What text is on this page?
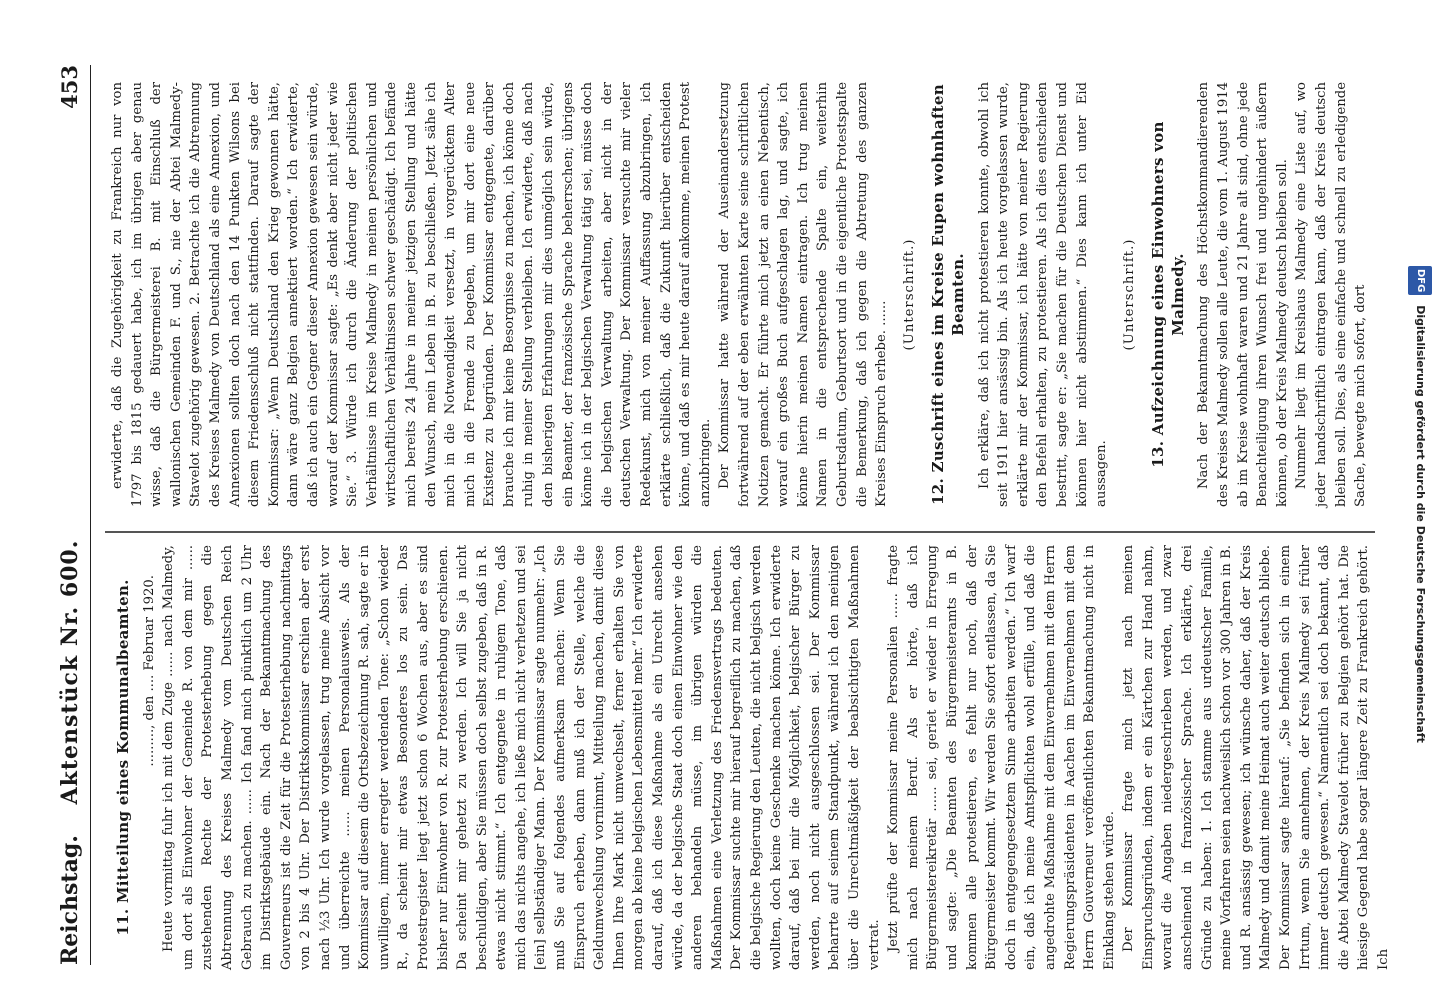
Reichstag.    Aktenstück Nr. 600.
453
11. Mitteilung eines Kommunalbeamten. ........., den .... Februar 1920. Heute vormittag fuhr ich mit dem Zuge ...... nach Malmedy, um dort als Einwohner der Gemeinde R. von dem mir ...... zustehenden Rechte der Protesterhebung gegen die Abtrennung des Kreises Malmedy vom Deutschen Reich Gebrauch zu machen. ...... Ich fand mich pünktlich um 2 Uhr im Distriktsgebäude ein. Nach der Bekanntmachung des Gouverneurs ist die Zeit für die Protesterhebung nachmittags von 2 bis 4 Uhr. Der Distriktskommissar erschien aber erst nach ½3 Uhr. Ich wurde vorgelassen, trug meine Absicht vor und überreichte ...... meinen Personalausweis. Als der Kommissar auf diesem die Ortsbezeichnung R. sah, sagte er in unwilligem, immer erregter werdenden Tone: „Schon wieder R., da scheint mir etwas Besonderes los zu sein. Das Protestregister liegt jetzt schon 6 Wochen aus, aber es sind bisher nur Einwohner von R. zur Protesterhebung erschienen. Da scheint mir gehetzt zu werden. Ich will Sie ja nicht beschuldigen, aber Sie müssen doch selbst zugeben, daß in R. etwas nicht stimmt.“ Ich entgegnete in ruhigem Tone, daß mich das nichts angehe, ich ließe mich nicht verhetzen und sei [ein] selbständiger Mann. Der Kommissar sagte nunmehr: „Ich muß Sie auf folgendes aufmerksam machen: Wenn Sie Einspruch erheben, dann muß ich der Stelle, welche die Geldumwechslung vornimmt, Mitteilung machen, damit diese Ihnen Ihre Mark nicht umwechselt, ferner erhalten Sie von morgen ab keine belgischen Lebensmittel mehr.“ Ich erwiderte darauf, daß ich diese Maßnahme als ein Unrecht ansehen würde, da der belgische Staat doch einen Einwohner wie den anderen behandeln müsse, im übrigen würden die Maßnahmen eine Verletzung des Friedensvertrags bedeuten. Der Kommissar suchte mir hierauf begreiflich zu machen, daß die belgische Regierung den Leuten, die nicht belgisch werden wollten, doch keine Geschenke machen könne. Ich erwiderte darauf, daß bei mir die Möglichkeit, belgischer Bürger zu werden, noch nicht ausgeschlossen sei. Der Kommissar beharrte auf seinem Standpunkt, während ich den meinigen über die Unrechtmäßigkeit der beabsichtigten Maßnahmen vertrat. Jetzt prüfte der Kommissar meine Personalien ...... fragte mich nach meinem Beruf. Als er hörte, daß ich Bürgermeistereikretär ...... sei, geriet er wieder in Erregung und sagte: „Die Beamten des Bürgermeisteramts in B. kommen alle protestieren, es fehlt nur noch, daß der Bürgermeister kommt. Wir werden Sie sofort entlassen, da Sie doch in entgegengesetztem Sinne arbeiten werden.“ Ich warf ein, daß ich meine Amtspflichten wohl erfülle, und daß die angedrohte Maßnahme mit dem Einvernehmen mit dem Herrn Regierungspräsidenten in Aachen im Einvernehmen mit dem Herrn Gouverneur veröffentlichten Bekanntmachung nicht in Einklang stehen würde. Der Kommissar fragte mich jetzt nach meinen Einspruchsgründen, indem er ein Kärtchen zur Hand nahm, worauf die Angaben niedergeschrieben werden, und zwar anscheinend in französischer Sprache. Ich erklärte, drei Gründe zu haben: 1. Ich stamme aus urdeutscher Familie, meine Vorfahren seien nachweislich schon vor 300 Jahren in B. und R. ansässig gewesen; ich wünsche daher, daß der Kreis Malmedy und damit meine Heimat auch weiter deutsch bliebe. Der Kommissar sagte hierauf: „Sie befinden sich in einem Irrtum, wenn Sie annehmen, der Kreis Malmedy sei früher immer deutsch gewesen.“ Namentlich sei doch bekannt, daß die Abtei Malmedy Stavelot früher zu Belgien gehört hat. Die hiesige Gegend habe sogar längere Zeit zu Frankreich gehört. Ich

erwiderte, daß die Zugehörigkeit zu Frankreich nur von 1797 bis 1815 gedauert habe, ich im übrigen aber genau wisse, daß die Bürgermeisterei B. mit Einschluß der wallonischen Gemeinden F. und S., nie der Abtei Malmedy-Stavelot zugehörig gewesen. 2. Betrachte ich die Abtrennung des Kreises Malmedy von Deutschland als eine Annexion, und Annexionen sollten doch nach den 14 Punkten Wilsons bei diesem Friedensschluß nicht stattfinden. Darauf sagte der Kommissar: „Wenn Deutschland den Krieg gewonnen hätte, dann wäre ganz Belgien annektiert worden.“ Ich erwiderte, daß ich auch ein Gegner dieser Annexion gewesen sein würde, worauf der Kommissar sagte: „Es denkt aber nicht jeder wie Sie.“ 3. Würde ich durch die Änderung der politischen Verhältnisse im Kreise Malmedy in meinen persönlichen und wirtschaftlichen Verhältnissen schwer geschädigt. Ich befände mich bereits 24 Jahre in meiner jetzigen Stellung und hätte den Wunsch, mein Leben in B. zu beschließen. Jetzt sähe ich mich in die Notwendigkeit versetzt, in vorgerücktem Alter mich in die Fremde zu begeben, um mir dort eine neue Existenz zu begründen. Der Kommissar entgegnete, darüber brauche ich mir keine Besorgnisse zu machen, ich könne doch ruhig in meiner Stellung verbleiben. Ich erwiderte, daß nach den bisherigen Erfahrungen mir dies unmöglich sein würde, ein Beamter, der französische Sprache beherrschen; übrigens könne ich in der belgischen Verwaltung tätig sei, müsse doch die belgischen Verwaltung arbeiten, aber nicht in der deutschen Verwaltung. Der Kommissar versuchte mir vieler Redekunst, mich von meiner Auffassung abzubringen, ich erklärte schließlich, daß die Zukunft hierüber entscheiden könne, und daß es mir heute darauf ankomme, meinen Protest anzubringen. Der Kommissar hatte während der Auseinandersetzung fortwährend auf der eben erwähnten Karte seine schriftlichen Notizen gemacht. Er führte mich jetzt an einen Nebentisch, worauf ein großes Buch aufgeschlagen lag, und sagte, ich könne hierin meinen Namen eintragen. Ich trug meinen Namen in die entsprechende Spalte ein, weiterhin Geburtsdatum, Geburtsort und in die eigentliche Protestspalte die Bemerkung, daß ich gegen die Abtretung des ganzen Kreises Einspruch erhebe. ......

(Unterschrift.) 12. Zuschrift eines im Kreise Eupen wohnhaften Beamten. Ich erkläre, daß ich nicht protestieren konnte, obwohl ich seit 1911 hier ansässig bin. Als ich heute vorgelassen wurde, erklärte mir der Kommissar, ich hätte von meiner Regierung den Befehl erhalten, zu protestieren. Als ich dies entschieden bestritt, sagte er: „Sie machen für die Deutschen Dienst und können hier nicht abstimmen.“ Dies kann ich unter Eid aussagen.

(Unterschrift.) 13. Aufzeichnung eines Einwohners von Malmedy. Nach der Bekanntmachung des Höchstkommandierenden des Kreises Malmedy sollen alle Leute, die vom 1. August 1914 ab im Kreise wohnhaft waren und 21 Jahre alt sind, ohne jede Benachteiligung ihren Wunsch frei und ungehindert äußern können, ob der Kreis Malmedy deutsch bleiben soll. Nunmehr liegt im Kreishaus Malmedy eine Liste auf, wo jeder handschriftlich eintragen kann, daß der Kreis deutsch bleiben soll. Dies, als eine einfache und schnell zu erledigende Sache, bewegte mich sofort, dort

DFG Digitalisierung gefördert durch die Deutsche Forschungsgemeinschaft
